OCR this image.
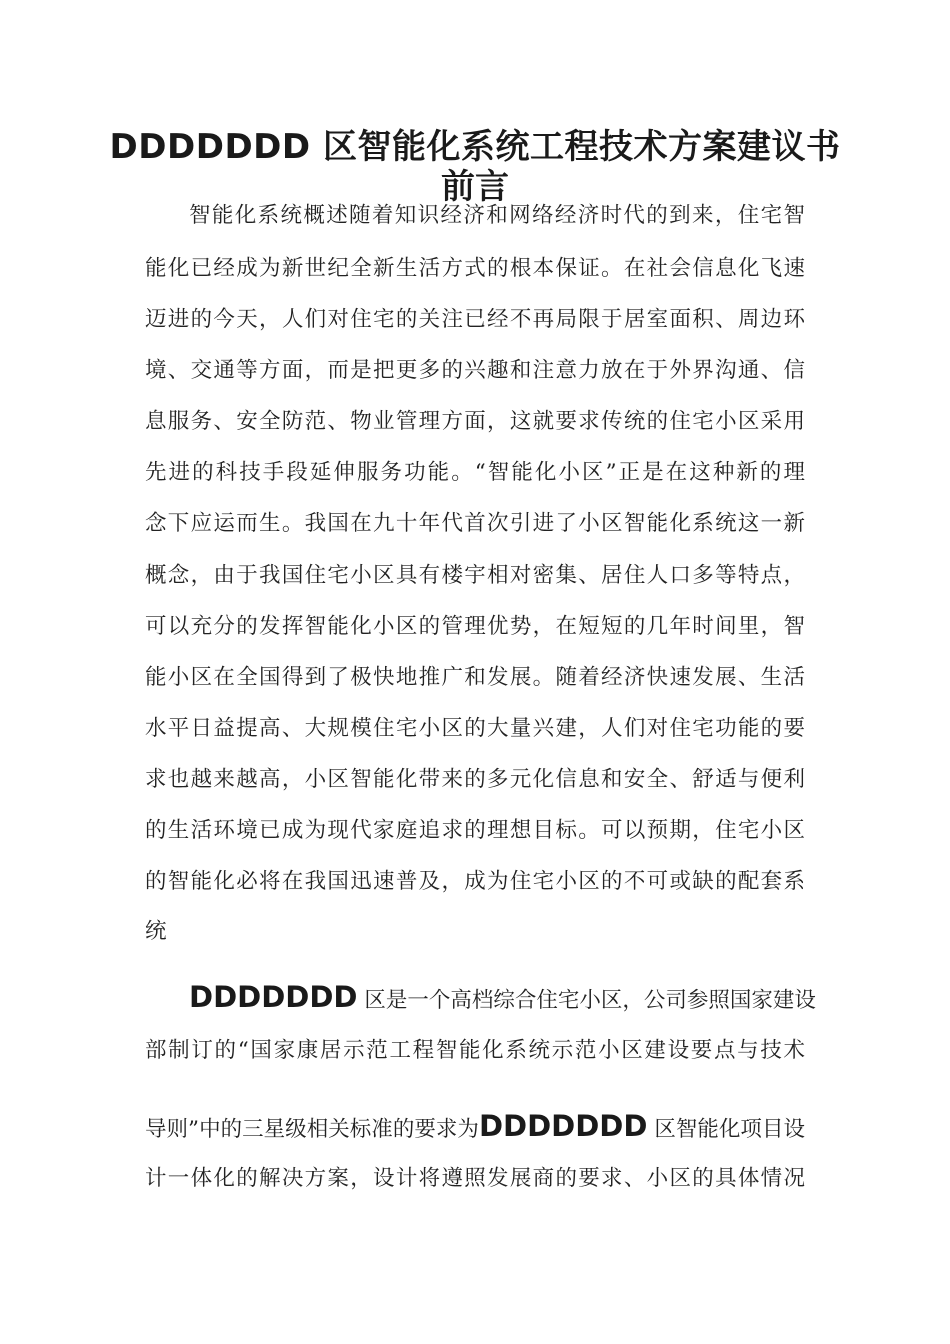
DDDDDDD 区智能化系统工程技术方案建议书
前言
智能化系统概述随着知识经济和网络经济时代的到来，住宅智
能化已经成为新世纪全新生活方式的根本保证。在社会信息化飞速
迈进的今天，人们对住宅的关注已经不再局限于居室面积、周边环
境、交通等方面，而是把更多的兴趣和注意力放在于外界沟通、信
息服务、安全防范、物业管理方面，这就要求传统的住宅小区采用
先进的科技手段延伸服务功能。“智能化小区”正是在这种新的理
念下应运而生。我国在九十年代首次引进了小区智能化系统这一新
概念，由于我国住宅小区具有楼宇相对密集、居住人口多等特点，
可以充分的发挥智能化小区的管理优势，在短短的几年时间里，智
能小区在全国得到了极快地推广和发展。随着经济快速发展、生活
水平日益提高、大规模住宅小区的大量兴建，人们对住宅功能的要
求也越来越高，小区智能化带来的多元化信息和安全、舒适与便利
的生活环境已成为现代家庭追求的理想目标。可以预期，住宅小区
的智能化必将在我国迅速普及，成为住宅小区的不可或缺的配套系
统
DDDDDDD 区是一个高档综合住宅小区，公司参照国家建设
部制订的“国家康居示范工程智能化系统示范小区建设要点与技术
导则”中的三星级相关标准的要求为DDDDDDD 区智能化项目设
计一体化的解决方案，设计将遵照发展商的要求、小区的具体情况
